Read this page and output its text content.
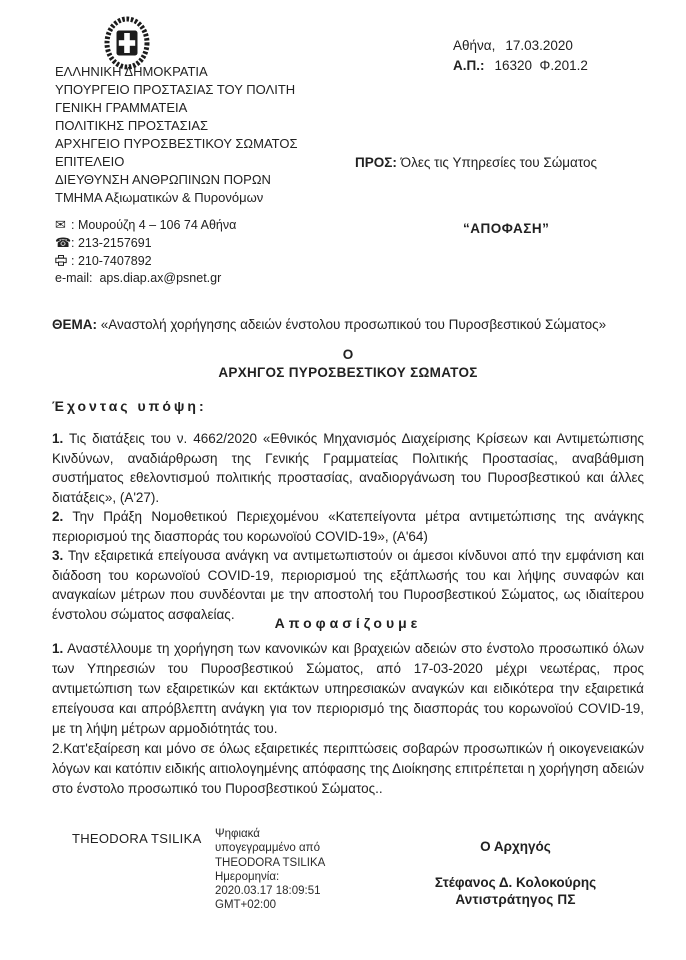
ΕΛΛΗΝΙΚΗ ΔΗΜΟΚΡΑΤΙΑ
ΥΠΟΥΡΓΕΙΟ ΠΡΟΣΤΑΣΙΑΣ ΤΟΥ ΠΟΛΙΤΗ
ΓΕΝΙΚΗ ΓΡΑΜΜΑΤΕΙΑ
ΠΟΛΙΤΙΚΗΣ ΠΡΟΣΤΑΣΙΑΣ
ΑΡΧΗΓΕΙΟ ΠΥΡΟΣΒΕΣΤΙΚΟΥ ΣΩΜΑΤΟΣ
ΕΠΙΤΕΛΕΙΟ
ΔΙΕΥΘΥΝΣΗ ΑΝΘΡΩΠΙΝΩΝ ΠΟΡΩΝ
ΤΜΗΜΑ Αξιωματικών & Πυρονόμων
Αθήνα, 17.03.2020
Α.Π.: 16320  Φ.201.2
ΠΡΟΣ: Όλες τις Υπηρεσίες του Σώματος
✉ : Μουρούζη 4 – 106 74 Αθήνα
☎: 213-2157691
: 210-7407892
e-mail: aps.diap.ax@psnet.gr
“ΑΠΟΦΑΣΗ”
ΘΕΜΑ: «Αναστολή χορήγησης αδειών ένστολου προσωπικού του Πυροσβεστικού Σώματος»
Ο
ΑΡΧΗΓΟΣ ΠΥΡΟΣΒΕΣΤΙΚΟΥ ΣΩΜΑΤΟΣ
Έχοντας υπόψη:

1. Τις διατάξεις του ν. 4662/2020 «Εθνικός Μηχανισμός Διαχείρισης Κρίσεων και Αντιμετώπισης Κινδύνων, αναδιάρθρωση της Γενικής Γραμματείας Πολιτικής Προστασίας, αναβάθμιση συστήματος εθελοντισμού πολιτικής προστασίας, αναδιοργάνωση του Πυροσβεστικού και άλλες διατάξεις», (Α'27).

2. Την Πράξη Νομοθετικού Περιεχομένου «Κατεπείγοντα μέτρα αντιμετώπισης της ανάγκης περιορισμού της διασποράς του κορωνοϊού COVID-19», (Α'64)

3. Την εξαιρετικά επείγουσα ανάγκη να αντιμετωπιστούν οι άμεσοι κίνδυνοι από την εμφάνιση και διάδοση του κορωνοϊού COVID-19, περιορισμού της εξάπλωσής του και λήψης συναφών και αναγκαίων μέτρων που συνδέονται με την αποστολή του Πυροσβεστικού Σώματος, ως ιδιαίτερου ένστολου σώματος ασφαλείας.

Αποφασίζουμε

1. Αναστέλλουμε τη χορήγηση των κανονικών και βραχειών αδειών στο ένστολο προσωπικό όλων των Υπηρεσιών του Πυροσβεστικού Σώματος, από 17-03-2020 μέχρι νεωτέρας, προς αντιμετώπιση των εξαιρετικών και εκτάκτων υπηρεσιακών αναγκών και ειδικότερα την εξαιρετικά επείγουσα και απρόβλεπτη ανάγκη για τον περιορισμό της διασποράς του κορωνοϊού COVID-19, με τη λήψη μέτρων αρμοδιότητάς του.

2.Κατ'εξαίρεση και μόνο σε όλως εξαιρετικές περιπτώσεις σοβαρών προσωπικών ή οικογενειακών λόγων και κατόπιν ειδικής αιτιολογημένης απόφασης της Διοίκησης επιτρέπεται η χορήγηση αδειών στο ένστολο προσωπικό του Πυροσβεστικού Σώματος..

THEODORA TSILIKA Ψηφιακά
υπογεγραμμένο από
THEODORA TSILIKA
Ημερομηνία:
2020.03.17 18:09:51
GMT+02:00
Ο Αρχηγός
Στέφανος Δ. Κολοκούρης
Αντιστράτηγος ΠΣ
